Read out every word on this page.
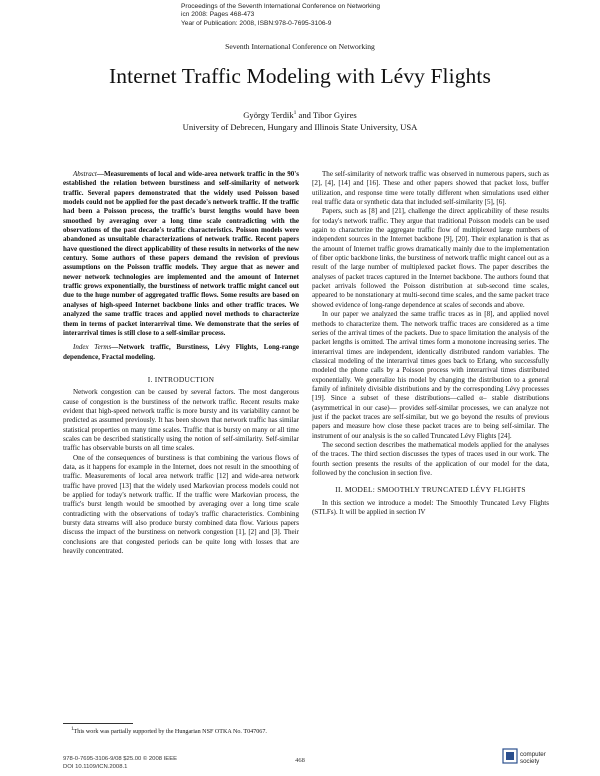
Proceedings of the Seventh International Conference on Networking
icn 2008: Pages 468-473
Year of Publication: 2008, ISBN:978-0-7695-3106-9
Seventh International Conference on Networking
Internet Traffic Modeling with Lévy Flights
György Terdik$^1$ and Tibor Gyires
University of Debrecen, Hungary and Illinois State University, USA

Abstract—Measurements of local and wide-area network traffic in the 90's established the relation between burstiness and self-similarity of network traffic. Several papers demonstrated that the widely used Poisson based models could not be applied for the past decade's network traffic. If the traffic had been a Poisson process, the traffic's burst lengths would have been smoothed by averaging over a long time scale contradicting with the observations of the past decade's traffic characteristics. Poisson models were abandoned as unsuitable characterizations of network traffic. Recent papers have questioned the direct applicability of these results in networks of the new century. Some authors of these papers demand the revision of previous assumptions on the Poisson traffic models. They argue that as newer and newer network technologies are implemented and the amount of Internet traffic grows exponentially, the burstiness of network traffic might cancel out due to the huge number of aggregated traffic flows. Some results are based on analyses of high-speed Internet backbone links and other traffic traces. We analyzed the same traffic traces and applied novel methods to characterize them in terms of packet interarrival time. We demonstrate that the series of interarrival times is still close to a self-similar process.

Index Terms—Network traffic, Burstiness, Lévy Flights, Long-range dependence, Fractal modeling.

I. INTRODUCTION

Network congestion can be caused by several factors. The most dangerous cause of congestion is the burstiness of the network traffic. Recent results make evident that high-speed network traffic is more bursty and its variability cannot be predicted as assumed previously. It has been shown that network traffic has similar statistical properties on many time scales. Traffic that is bursty on many or all time scales can be described statistically using the notion of self-similarity. Self-similar traffic has observable bursts on all time scales.

One of the consequences of burstiness is that combining the various flows of data, as it happens for example in the Internet, does not result in the smoothing of traffic. Measurements of local area network traffic [12] and wide-area network traffic have proved [13] that the widely used Markovian process models could not be applied for today's network traffic. If the traffic were Markovian process, the traffic's burst length would be smoothed by averaging over a long time scale contradicting with the observations of today's traffic characteristics. Combining bursty data streams will also produce bursty combined data flow. Various papers discuss the impact of the burstiness on network congestion [1], [2] and [3]. Their conclusions are that congested periods can be quite long with losses that are heavily concentrated.

$^1$This work was partially supported by the Hungarian NSF OTKA No. T047067.

The self-similarity of network traffic was observed in numerous papers, such as [2], [4], [14] and [16]. These and other papers showed that packet loss, buffer utilization, and response time were totally different when simulations used either real traffic data or synthetic data that included self-similarity [5], [6].

Papers, such as [8] and [21], challenge the direct applicability of these results for today's network traffic. They argue that traditional Poisson models can be used again to characterize the aggregate traffic flow of multiplexed large numbers of independent sources in the Internet backbone [9], [20]. Their explanation is that as the amount of Internet traffic grows dramatically mainly due to the implementation of fiber optic backbone links, the burstiness of network traffic might cancel out as a result of the large number of multiplexed packet flows. The paper describes the analyses of packet traces captured in the Internet backbone. The authors found that packet arrivals followed the Poisson distribution at sub-second time scales, appeared to be nonstationary at multi-second time scales, and the same packet trace showed evidence of long-range dependence at scales of seconds and above.

In our paper we analyzed the same traffic traces as in [8], and applied novel methods to characterize them. The network traffic traces are considered as a time series of the arrival times of the packets. Due to space limitation the analysis of the packet lengths is omitted. The arrival times form a monotone increasing series. The interarrival times are independent, identically distributed random variables. The classical modeling of the interarrival times goes back to Erlang, who successfully modeled the phone calls by a Poisson process with interarrival times distributed exponentially. We generalize his model by changing the distribution to a general family of infinitely divisible distributions and by the corresponding Lévy processes [19]. Since a subset of these distributions—called α– stable distributions (asymmetrical in our case)— provides self-similar processes, we can analyze not just if the packet traces are self-similar, but we go beyond the results of previous papers and measure how close these packet traces are to being self-similar. The instrument of our analysis is the so called Truncated Lévy Flights [24].

The second section describes the mathematical models applied for the analyses of the traces. The third section discusses the types of traces used in our work. The fourth section presents the results of the application of our model for the data, followed by the conclusion in section five.

II. MODEL: SMOOTHLY TRUNCATED LÉVY FLIGHTS

In this section we introduce a model: The Smoothly Truncated Levy Flights (STLFs). It will be applied in section IV

978-0-7695-3106-9/08 $25.00 © 2008 IEEE
DOI 10.1109/ICN.2008.1
468
computer
society
